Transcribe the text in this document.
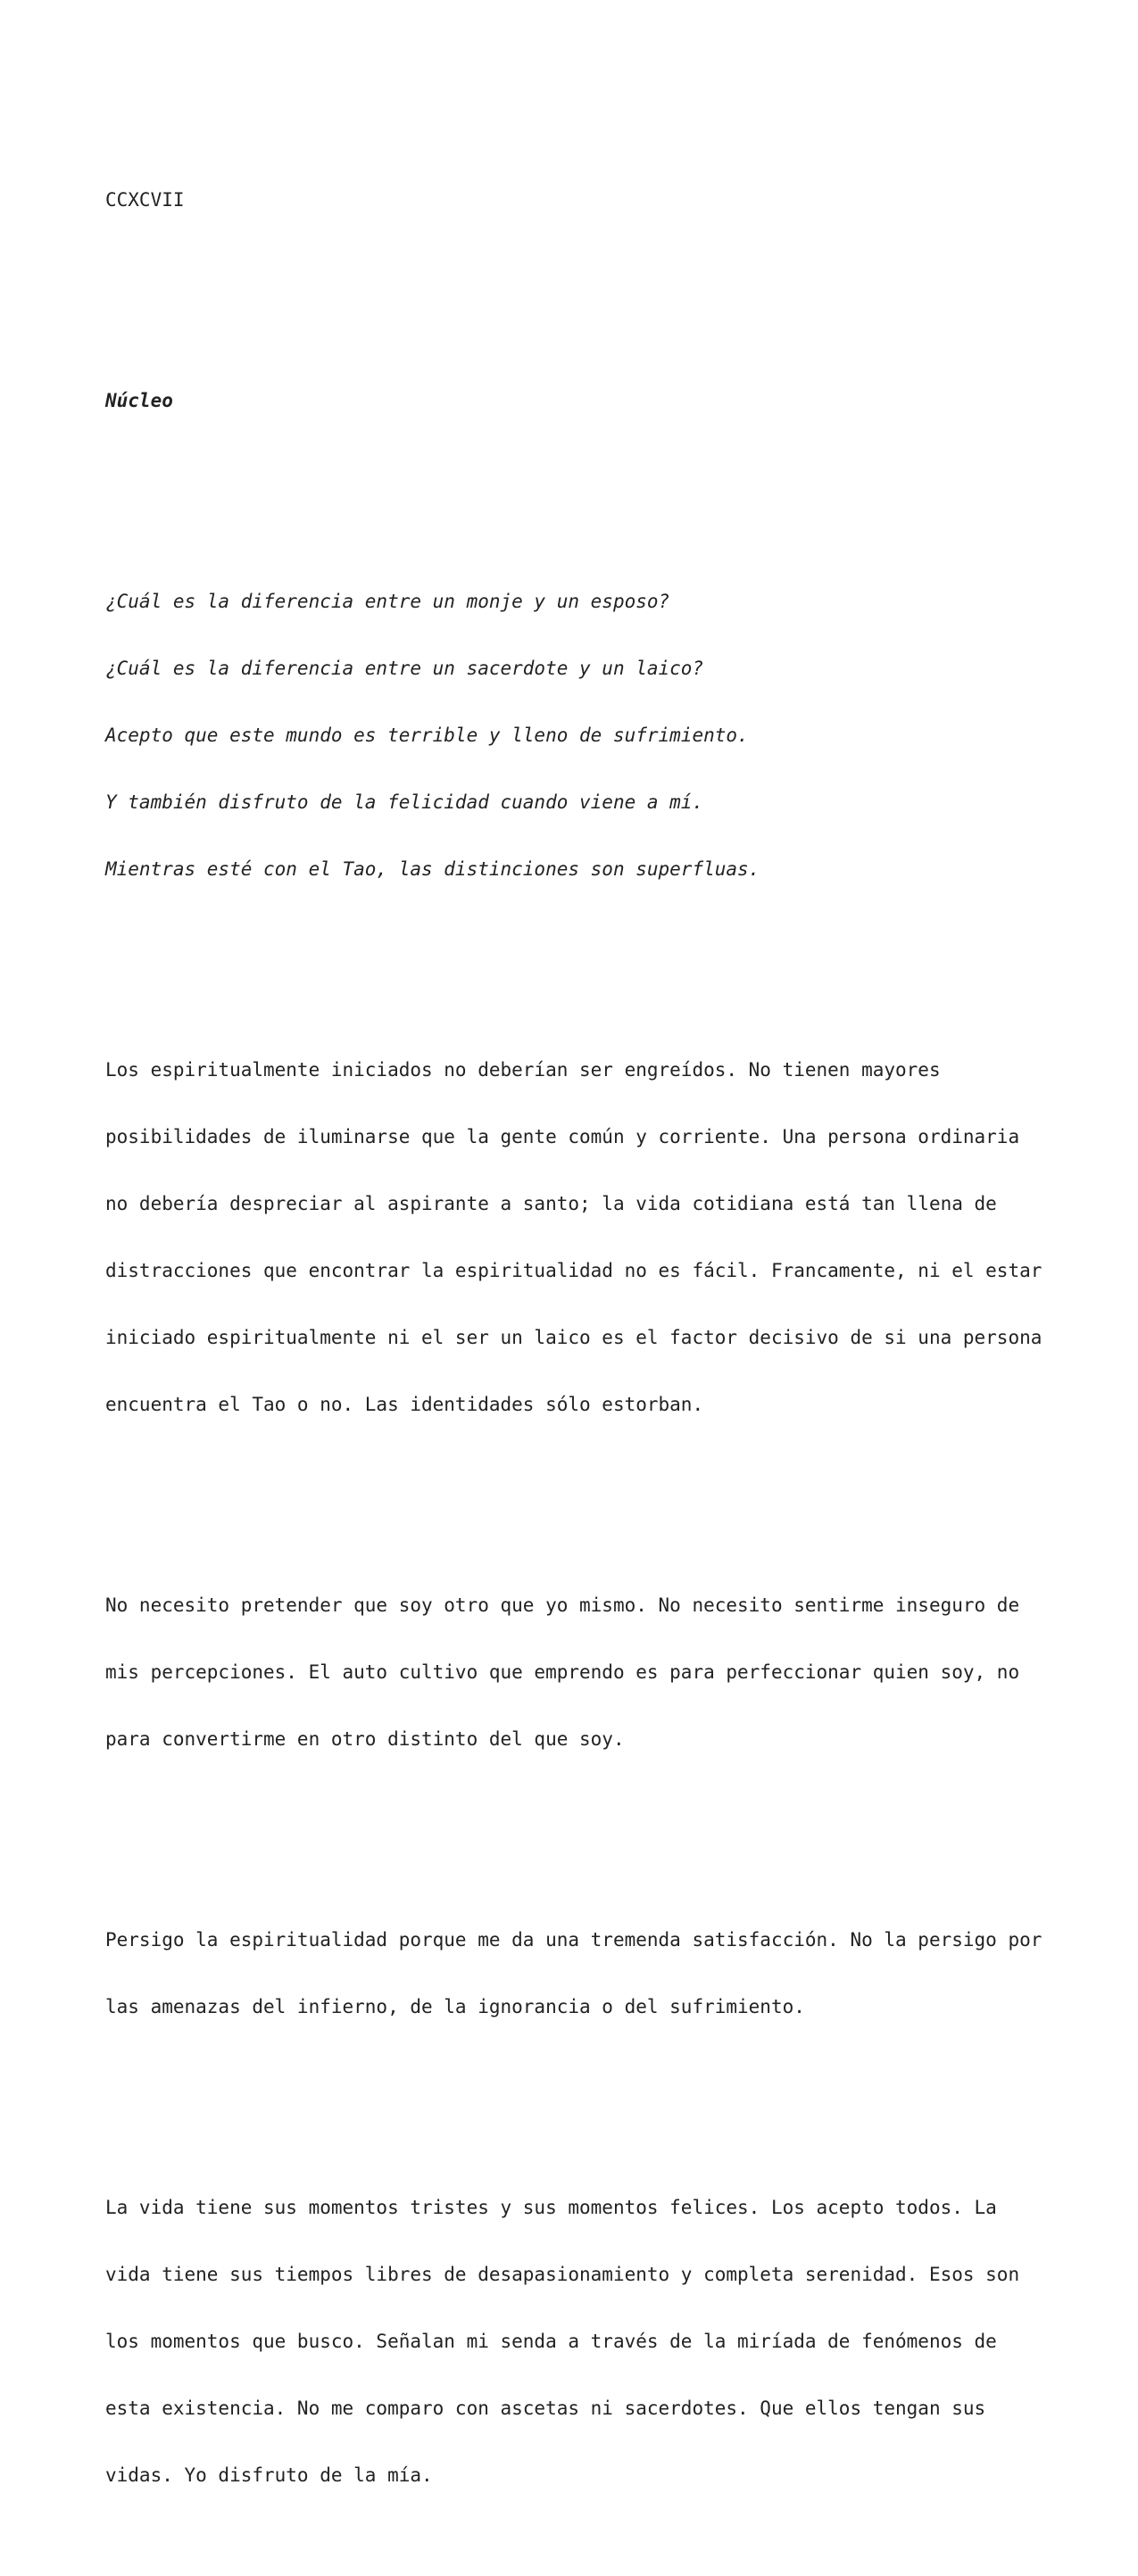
CCXCVII

Núcleo

¿Cuál es la diferencia entre un monje y un esposo?

¿Cuál es la diferencia entre un sacerdote y un laico?

Acepto que este mundo es terrible y lleno de sufrimiento.

Y también disfruto de la felicidad cuando viene a mí.

Mientras esté con el Tao, las distinciones son superfluas.

Los espiritualmente iniciados no deberían ser engreídos. No tienen mayores

posibilidades de iluminarse que la gente común y corriente. Una persona ordinaria

no debería despreciar al aspirante a santo; la vida cotidiana está tan llena de

distracciones que encontrar la espiritualidad no es fácil. Francamente, ni el estar

iniciado espiritualmente ni el ser un laico es el factor decisivo de si una persona

encuentra el Tao o no. Las identidades sólo estorban.

No necesito pretender que soy otro que yo mismo. No necesito sentirme inseguro de

mis percepciones. El auto cultivo que emprendo es para perfeccionar quien soy, no

para convertirme en otro distinto del que soy.

Persigo la espiritualidad porque me da una tremenda satisfacción. No la persigo por

las amenazas del infierno, de la ignorancia o del sufrimiento.

La vida tiene sus momentos tristes y sus momentos felices. Los acepto todos. La

vida tiene sus tiempos libres de desapasionamiento y completa serenidad. Esos son

los momentos que busco. Señalan mi senda a través de la miríada de fenómenos de

esta existencia. No me comparo con ascetas ni sacerdotes. Que ellos tengan sus

vidas. Yo disfruto de la mía.
